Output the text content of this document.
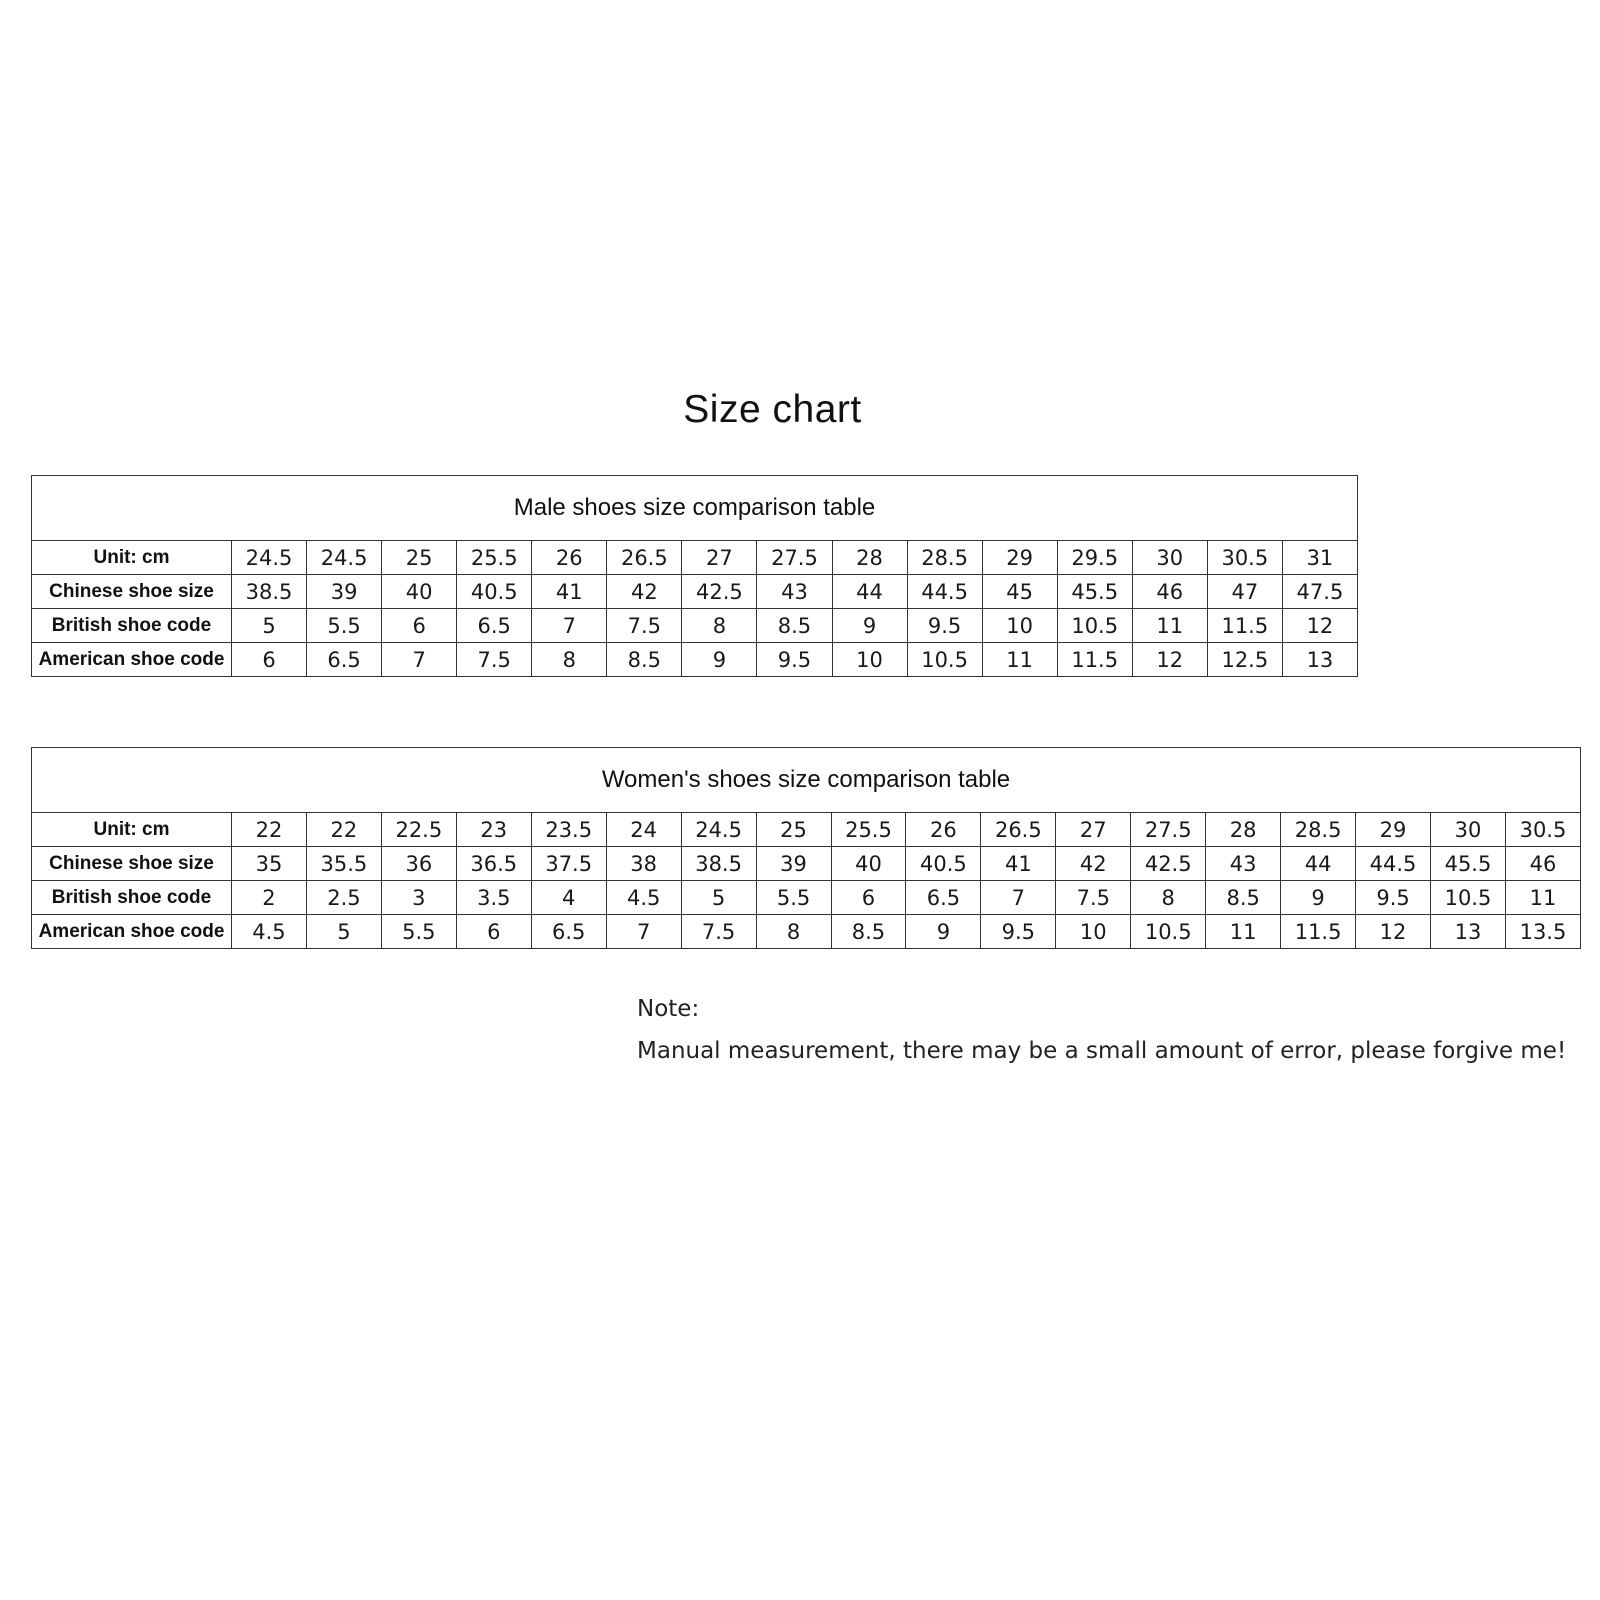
Size chart
Male shoes size comparison table															
Unit: cm	24.5	24.5	25	25.5	26	26.5	27	27.5	28	28.5	29	29.5	30	30.5	31
Chinese shoe size	38.5	39	40	40.5	41	42	42.5	43	44	44.5	45	45.5	46	47	47.5
British shoe code	5	5.5	6	6.5	7	7.5	8	8.5	9	9.5	10	10.5	11	11.5	12
American shoe code	6	6.5	7	7.5	8	8.5	9	9.5	10	10.5	11	11.5	12	12.5	13
Women's shoes size comparison table																		
Unit: cm	22	22	22.5	23	23.5	24	24.5	25	25.5	26	26.5	27	27.5	28	28.5	29	30	30.5
Chinese shoe size	35	35.5	36	36.5	37.5	38	38.5	39	40	40.5	41	42	42.5	43	44	44.5	45.5	46
British shoe code	2	2.5	3	3.5	4	4.5	5	5.5	6	6.5	7	7.5	8	8.5	9	9.5	10.5	11
American shoe code	4.5	5	5.5	6	6.5	7	7.5	8	8.5	9	9.5	10	10.5	11	11.5	12	13	13.5
Note:
Manual measurement, there may be a small amount of error, please forgive me!
